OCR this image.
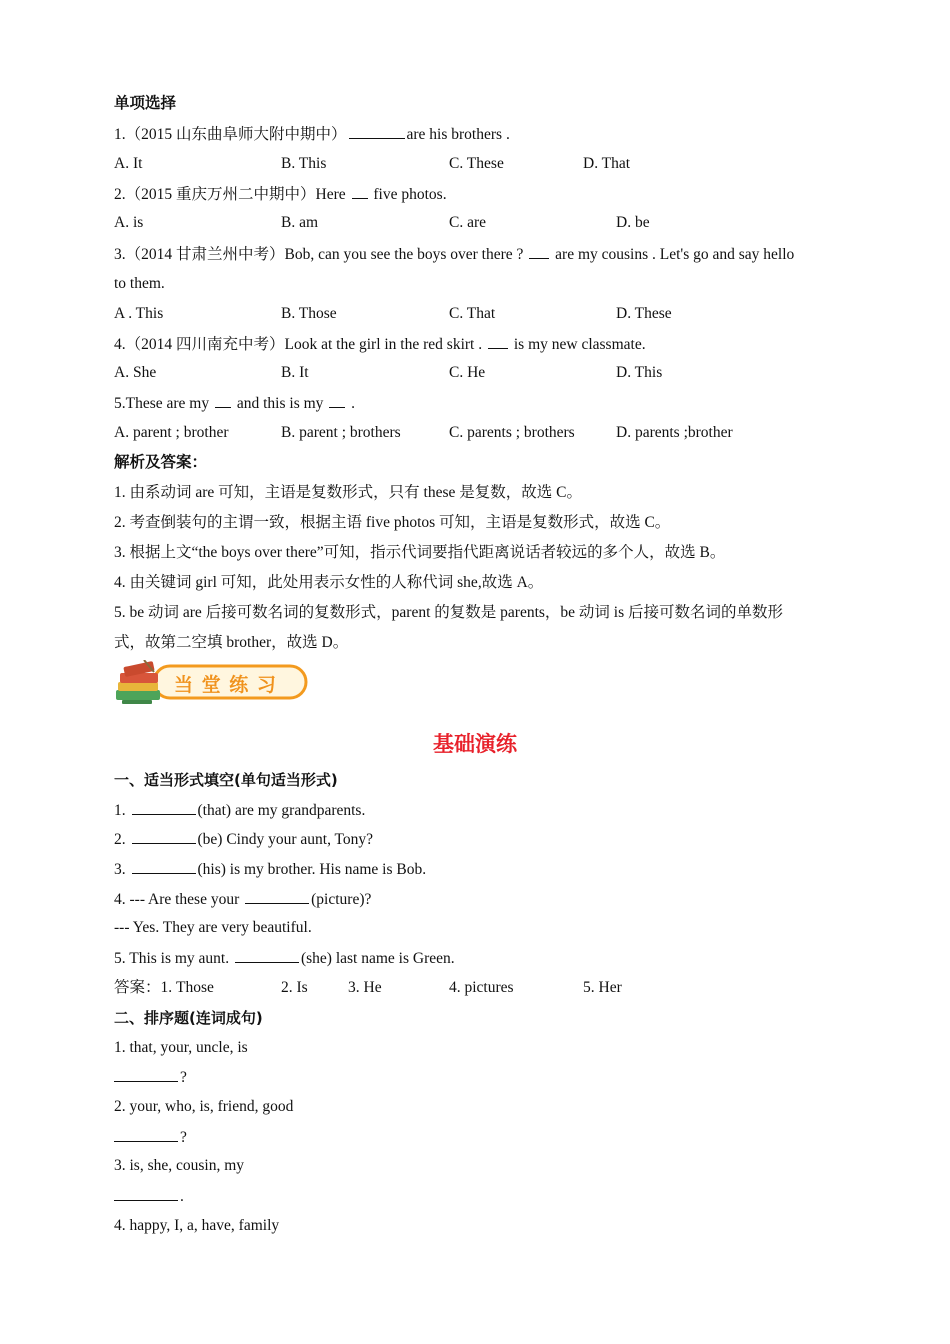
单项选择
1.（2015 山东曲阜师大附中期中）	are his brothers .
A. It	B. This	C. These	D. That
2.（2015 重庆万州二中期中）Here five photos.
A. is	B. am	C. are	D. be
3.（2014 甘肃兰州中考）Bob, can you see the boys over there ? are my cousins . Let's go and say hello
to them.
A . This	B. Those	C. That	D. These
4.（2014 四川南充中考）Look at the girl in the red skirt . is my new classmate.
A. She	B. It	C. He	D. This
5.These are my and this is my .
A. parent ; brother	B. parent ; brothers	C. parents ; brothers	D. parents ;brother
解析及答案：
1. 由系动词 are 可知，主语是复数形式，只有 these 是复数，故选 C。
2. 考查倒装句的主谓一致，根据主语 five photos 可知，主语是复数形式，故选 C。
3. 根据上文“the boys over there”可知，指示代词要指代距离说话者较远的多个人，故选 B。
4. 由关键词 girl 可知，此处用表示女性的人称代词 she,故选 A。
5. be 动词 are 后接可数名词的复数形式，parent 的复数是 parents，be 动词 is 后接可数名词的单数形
式，故第二空填 brother，故选 D。
当 堂 练 习
基础演练
一、适当形式填空(单句适当形式)
1.	(that) are my grandparents.
2.	(be) Cindy your aunt, Tony?
3.	(his) is my brother. His name is Bob.
4. --- Are these your	(picture)?
--- Yes. They are very beautiful.
5. This is my aunt.	(she) last name is Green.
答案：1. Those	2. Is	3. He	4. pictures	5. Her
二、排序题(连词成句)
1. that, your, uncle, is
?
2. your, who, is, friend, good
?
3. is, she, cousin, my
.
4. happy, I, a, have, family
